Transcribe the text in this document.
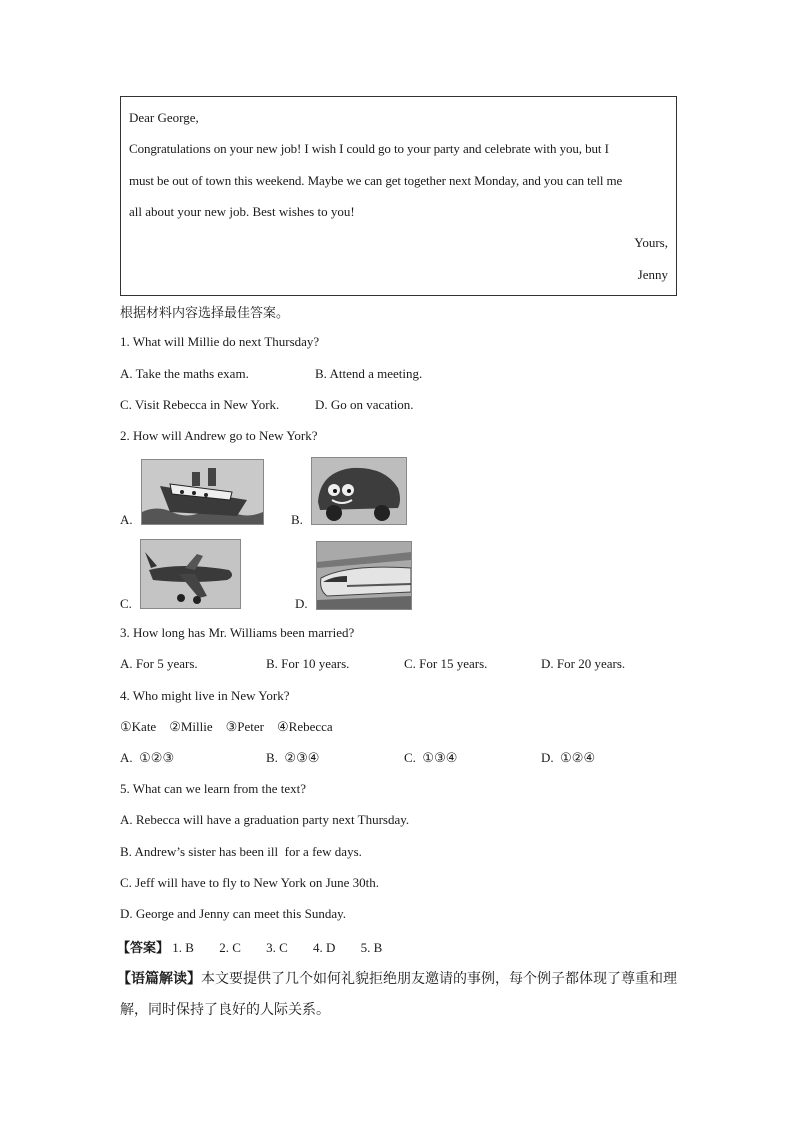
Dear George,
Congratulations on your new job! I wish I could go to your party and celebrate with you, but I
must be out of town this weekend. Maybe we can get together next Monday, and you can tell me
all about your new job. Best wishes to you!
Yours,
Jenny
根据材料内容选择最佳答案。
1. What will Millie do next Thursday?
A. Take the maths exam.	B. Attend a meeting.
C. Visit Rebecca in New York.	D. Go on vacation.
2. How will Andrew go to New York?
A.	B.
C.	D.
3. How long has Mr. Williams been married?
A. For 5 years.	B. For 10 years.	C. For 15 years.	D. For 20 years.
4. Who might live in New York?
①Kate    ②Millie    ③Peter    ④Rebecca
A.  ①②③	B.  ②③④	C.  ①③④	D.  ①②④
5. What can we learn from the text?
A. Rebecca will have a graduation party next Thursday.
B. Andrew’s sister has been ill  for a few days.
C. Jeff will have to fly to New York on June 30th.
D. George and Jenny can meet this Sunday.
【答案】 1. B 2. C 3. C 4. D 5. B
【语篇解读】本文要提供了几个如何礼貌拒绝朋友邀请的事例，每个例子都体现了尊重和理
解，同时保持了良好的人际关系。
